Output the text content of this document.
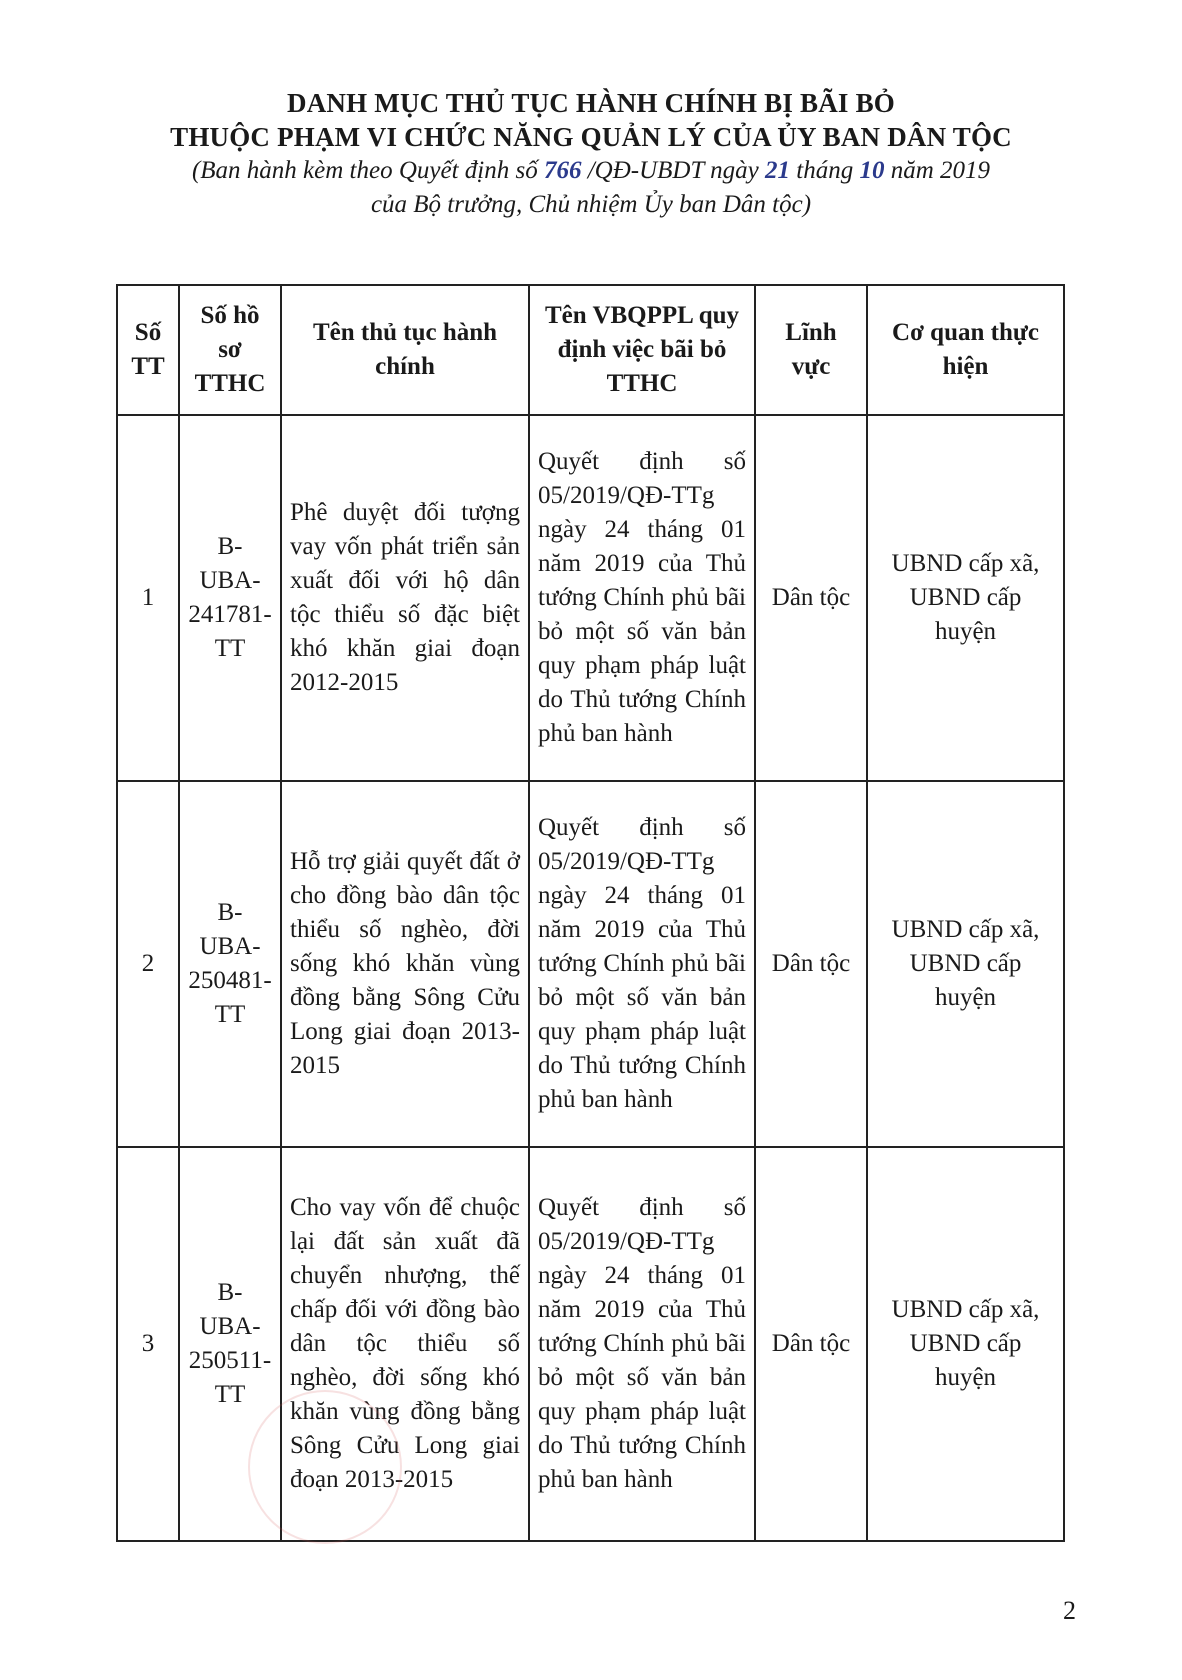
DANH MỤC THỦ TỤC HÀNH CHÍNH BỊ BÃI BỎ
THUỘC PHẠM VI CHỨC NĂNG QUẢN LÝ CỦA ỦY BAN DÂN TỘC
(Ban hành kèm theo Quyết định số 766 /QĐ-UBDT ngày 21 tháng 10 năm 2019
của Bộ trưởng, Chủ nhiệm Ủy ban Dân tộc)
Số TT	Số hồ sơ TTHC	Tên thủ tục hành chính	Tên VBQPPL quy định việc bãi bỏ TTHC	Lĩnh vực	Cơ quan thực hiện
1	B-UBA-241781-TT	Phê duyệt đối tượng vay vốn phát triển sản xuất đối với hộ dân tộc thiểu số đặc biệt khó khăn giai đoạn 2012-2015	Quyết định số 05/2019/QĐ-TTg ngày 24 tháng 01 năm 2019 của Thủ tướng Chính phủ bãi bỏ một số văn bản quy phạm pháp luật do Thủ tướng Chính phủ ban hành	Dân tộc	UBND cấp xã, UBND cấp huyện
2	B-UBA-250481-TT	Hỗ trợ giải quyết đất ở cho đồng bào dân tộc thiểu số nghèo, đời sống khó khăn vùng đồng bằng Sông Cửu Long giai đoạn 2013-2015	Quyết định số 05/2019/QĐ-TTg ngày 24 tháng 01 năm 2019 của Thủ tướng Chính phủ bãi bỏ một số văn bản quy phạm pháp luật do Thủ tướng Chính phủ ban hành	Dân tộc	UBND cấp xã, UBND cấp huyện
3	B-UBA-250511-TT	Cho vay vốn để chuộc lại đất sản xuất đã chuyển nhượng, thế chấp đối với đồng bào dân tộc thiểu số nghèo, đời sống khó khăn vùng đồng bằng Sông Cửu Long giai đoạn 2013-2015	Quyết định số 05/2019/QĐ-TTg ngày 24 tháng 01 năm 2019 của Thủ tướng Chính phủ bãi bỏ một số văn bản quy phạm pháp luật do Thủ tướng Chính phủ ban hành	Dân tộc	UBND cấp xã, UBND cấp huyện
2
